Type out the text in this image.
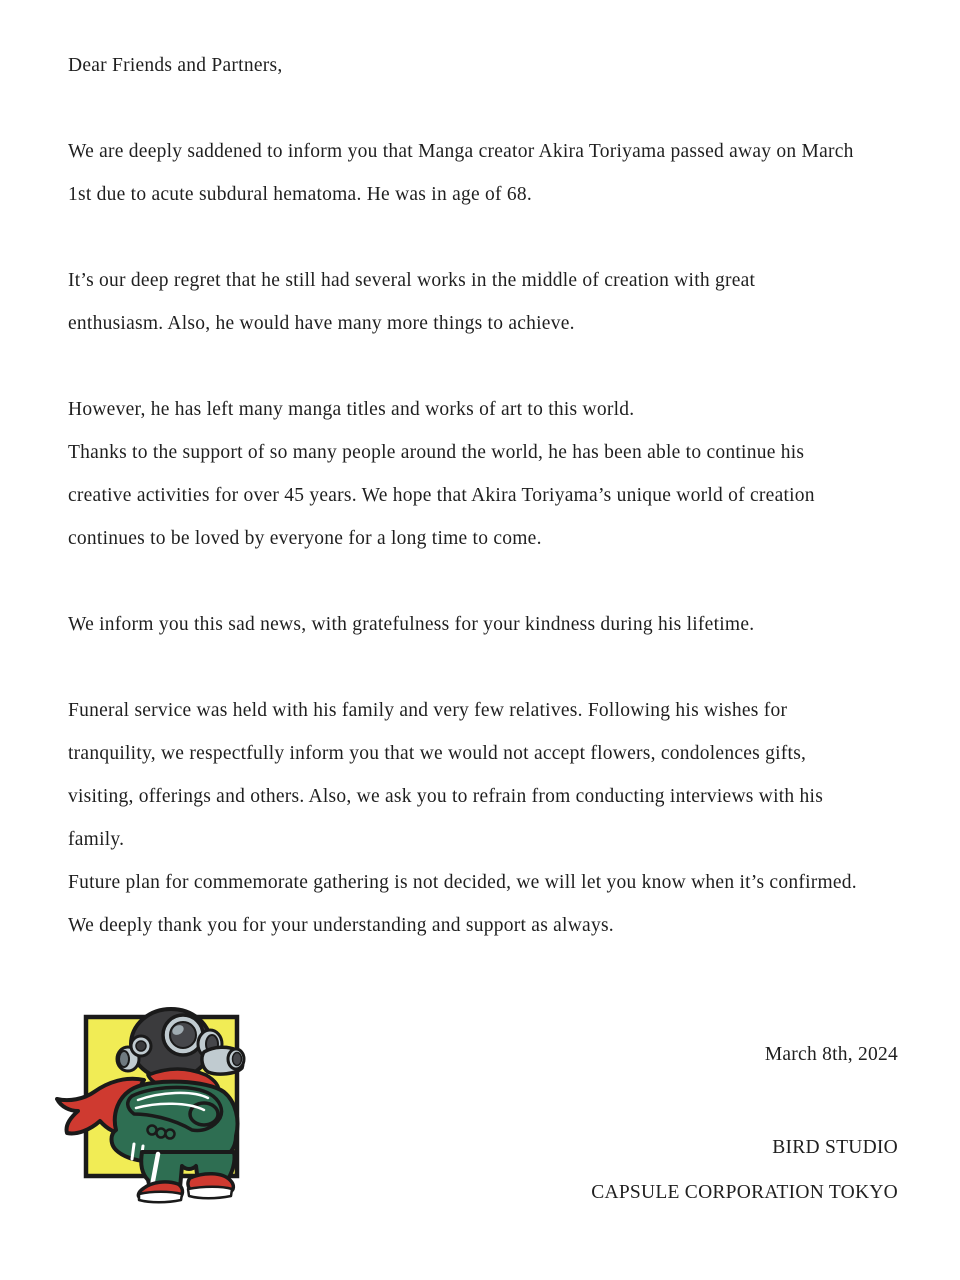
Dear Friends and Partners,
We are deeply saddened to inform you that Manga creator Akira Toriyama passed away on March
1st due to acute subdural hematoma. He was in age of 68.
It’s our deep regret that he still had several works in the middle of creation with great
enthusiasm. Also, he would have many more things to achieve.
However, he has left many manga titles and works of art to this world.
Thanks to the support of so many people around the world, he has been able to continue his
creative activities for over 45 years. We hope that Akira Toriyama’s unique world of creation
continues to be loved by everyone for a long time to come.
We inform you this sad news, with gratefulness for your kindness during his lifetime.
Funeral service was held with his family and very few relatives. Following his wishes for
tranquility, we respectfully inform you that we would not accept flowers, condolences gifts,
visiting, offerings and others. Also, we ask you to refrain from conducting interviews with his
family.
Future plan for commemorate gathering is not decided, we will let you know when it’s confirmed.
We deeply thank you for your understanding and support as always.
March 8th, 2024
BIRD STUDIO
CAPSULE CORPORATION TOKYO
